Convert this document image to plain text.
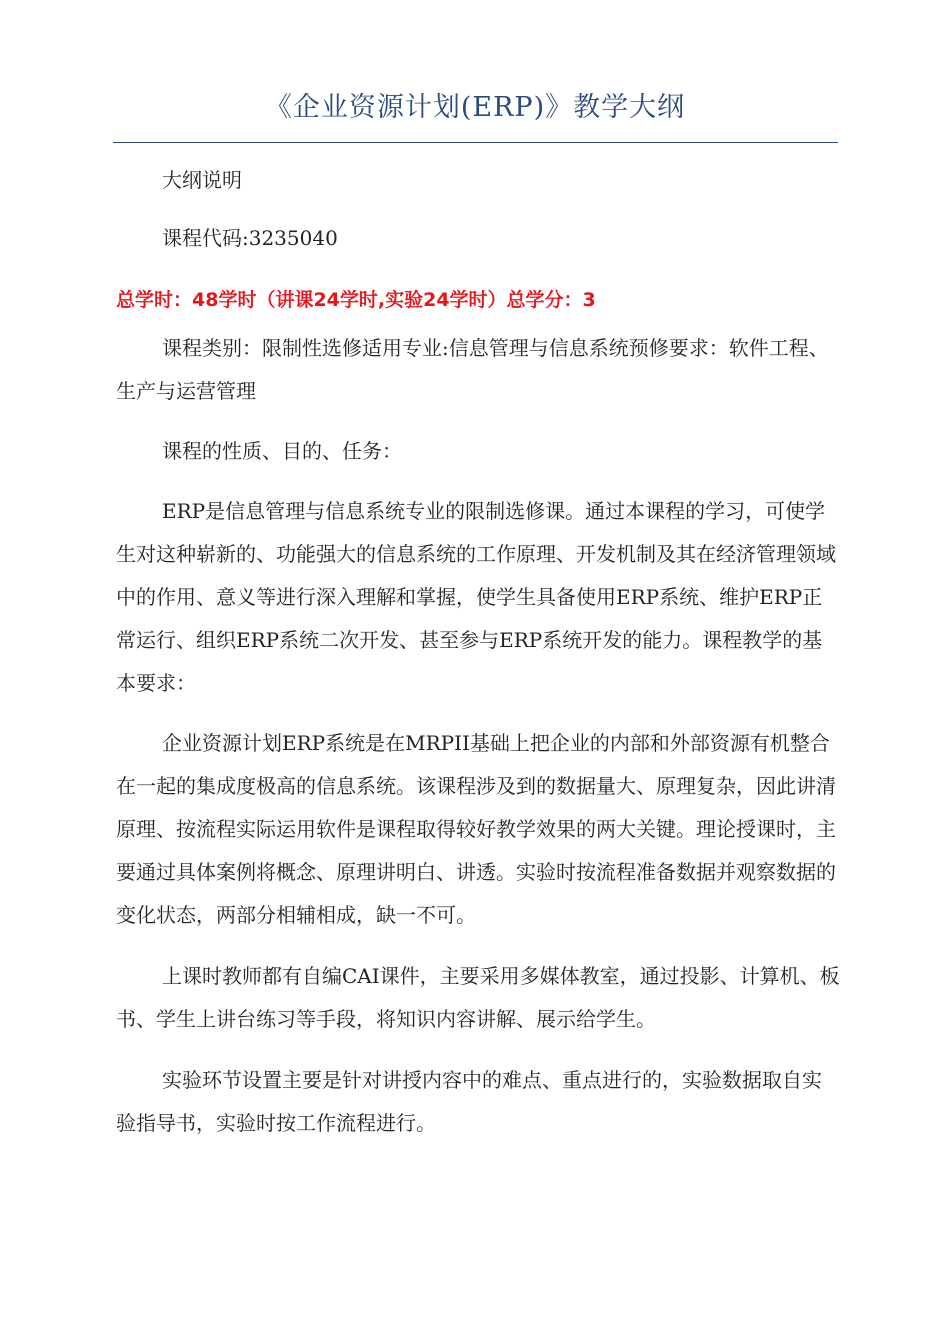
《企业资源计划(ERP)》教学大纲

大纲说明

课程代码:3235040

总学时：48学时（讲课24学时,实验24学时）总学分：3

课程类别：限制性选修适用专业:信息管理与信息系统预修要求：软件工程、生产与运营管理

课程的性质、目的、任务：

ERP是信息管理与信息系统专业的限制选修课。通过本课程的学习，可使学生对这种崭新的、功能强大的信息系统的工作原理、开发机制及其在经济管理领域中的作用、意义等进行深入理解和掌握，使学生具备使用ERP系统、维护ERP正常运行、组织ERP系统二次开发、甚至参与ERP系统开发的能力。课程教学的基本要求：

企业资源计划ERP系统是在MRPII基础上把企业的内部和外部资源有机整合在一起的集成度极高的信息系统。该课程涉及到的数据量大、原理复杂，因此讲清原理、按流程实际运用软件是课程取得较好教学效果的两大关键。理论授课时，主要通过具体案例将概念、原理讲明白、讲透。实验时按流程准备数据并观察数据的变化状态，两部分相辅相成，缺一不可。

上课时教师都有自编CAI课件，主要采用多媒体教室，通过投影、计算机、板书、学生上讲台练习等手段，将知识内容讲解、展示给学生。

实验环节设置主要是针对讲授内容中的难点、重点进行的，实验数据取自实验指导书，实验时按工作流程进行。
